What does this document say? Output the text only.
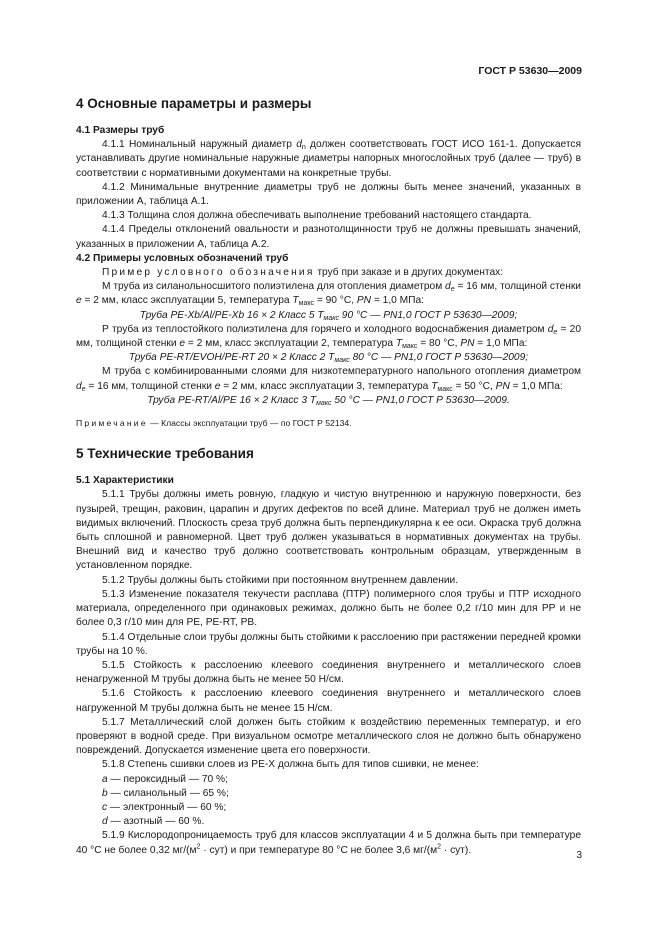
ГОСТ Р 53630—2009
4 Основные параметры и размеры

4.1 Размеры труб

4.1.1 Номинальный наружный диаметр $d_n$ должен соответствовать ГОСТ ИСО 161-1. Допускается устанавливать другие номинальные наружные диаметры напорных многослойных труб (далее — труб) в соответствии с нормативными документами на конкретные трубы.

4.1.2 Минимальные внутренние диаметры труб не должны быть менее значений, указанных в приложении А, таблица А.1.

4.1.3 Толщина слоя должна обеспечивать выполнение требований настоящего стандарта.

4.1.4 Пределы отклонений овальности и разнотолщинности труб не должны превышать значений, указанных в приложении А, таблица А.2.

4.2 Примеры условных обозначений труб

Пример условного обозначения труб при заказе и в других документах:

М труба из силанольносшитого полиэтилена для отопления диаметром $d_e = 16$ мм, толщиной стенки e = 2 мм, класс эксплуатации 5, температура $T_{макс} = 90$ °С, PN = 1,0 МПа:

Труба PE-Xb/Al/PE-Xb 16 × 2 Класс 5 $T_{макс}$ 90 °С — PN1,0 ГОСТ Р 53630—2009;

Р труба из теплостойкого полиэтилена для горячего и холодного водоснабжения диаметром $d_e = 20$ мм, толщиной стенки e = 2 мм, класс эксплуатации 2, температура $T_{макс} = 80$ °С, PN = 1,0 МПа:

Труба PE-RT/EVOH/PE-RT 20 × 2 Класс 2 $T_{макс}$ 80 °С — PN1,0 ГОСТ Р 53630—2009;

М труба с комбинированными слоями для низкотемпературного напольного отопления диаметром $d_e = 16$ мм, толщиной стенки e = 2 мм, класс эксплуатации 3, температура $T_{макс} = 50$ °С, PN = 1,0 МПа:

Труба PE-RT/Al/PE 16 × 2 Класс 3 $T_{макс}$ 50 °С — PN1,0 ГОСТ Р 53630—2009.

Примечание — Классы эксплуатации труб — по ГОСТ Р 52134.

5 Технические требования

5.1 Характеристики

5.1.1 Трубы должны иметь ровную, гладкую и чистую внутреннюю и наружную поверхности, без пузырей, трещин, раковин, царапин и других дефектов по всей длине. Материал труб не должен иметь видимых включений. Плоскость среза труб должна быть перпендикулярна к ее оси. Окраска труб должна быть сплошной и равномерной. Цвет труб должен указываться в нормативных документах на трубы. Внешний вид и качество труб должно соответствовать контрольным образцам, утвержденным в установленном порядке.

5.1.2 Трубы должны быть стойкими при постоянном внутреннем давлении.

5.1.3 Изменение показателя текучести расплава (ПТР) полимерного слоя трубы и ПТР исходного материала, определенного при одинаковых режимах, должно быть не более 0,2 г/10 мин для PP и не более 0,3 г/10 мин для PE, PE-RT, PB.

5.1.4 Отдельные слои трубы должны быть стойкими к расслоению при растяжении передней кромки трубы на 10 %.

5.1.5 Стойкость к расслоению клеевого соединения внутреннего и металлического слоев ненагруженной М трубы должна быть не менее 50 Н/см.

5.1.6 Стойкость к расслоению клеевого соединения внутреннего и металлического слоев нагруженной М трубы должна быть не менее 15 Н/см.

5.1.7 Металлический слой должен быть стойким к воздействию переменных температур, и его проверяют в водной среде. При визуальном осмотре металлического слоя не должно быть обнаружено повреждений. Допускается изменение цвета его поверхности.

5.1.8 Степень сшивки слоев из PE-X должна быть для типов сшивки, не менее:

a — пероксидный — 70 %;

b — силанольный — 65 %;

c — электронный — 60 %;

d — азотный — 60 %.

5.1.9 Кислородопроницаемость труб для классов эксплуатации 4 и 5 должна быть при температуре 40 °С не более 0,32 $мг/(м^2 \cdot сут)$ и при температуре 80 °С не более 3,6 $мг/(м^2 \cdot сут)$.	3
